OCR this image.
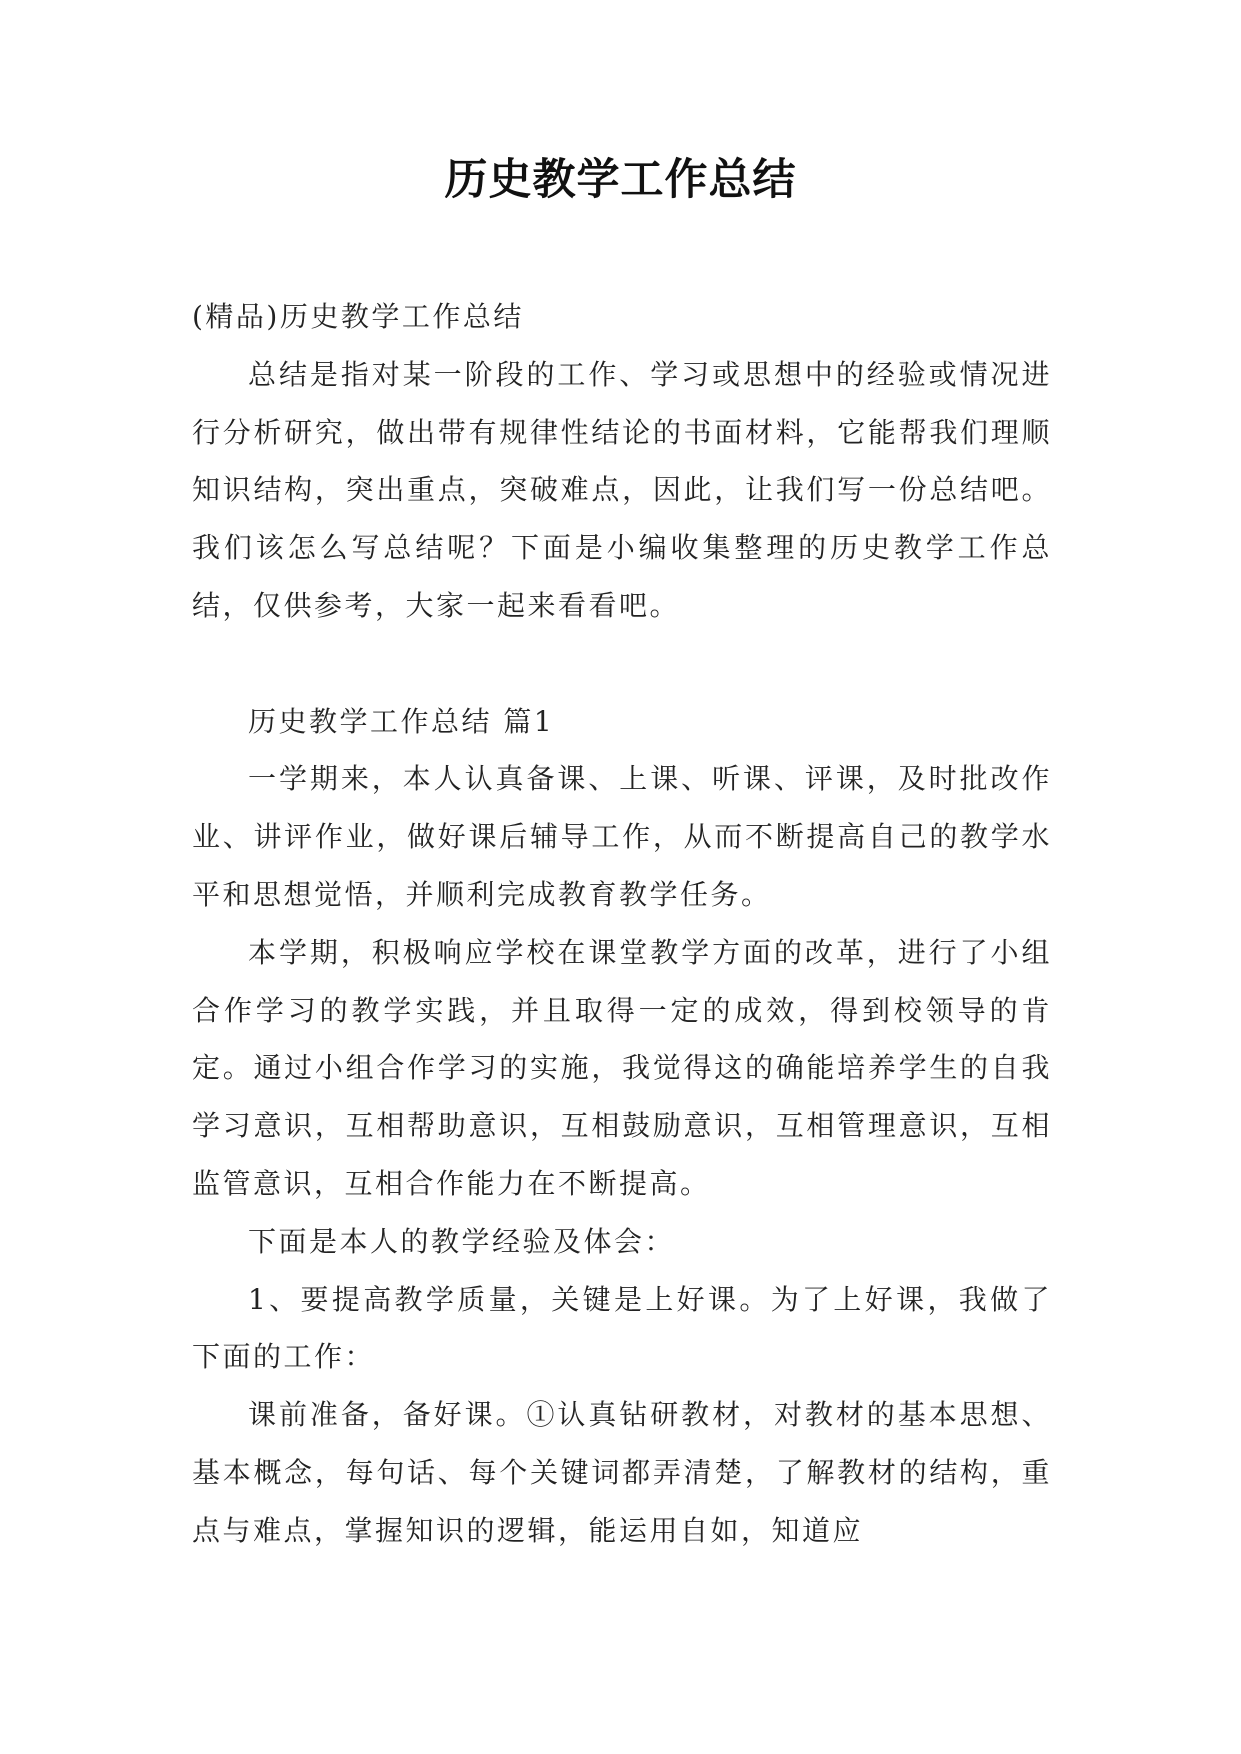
历史教学工作总结

(精品)历史教学工作总结

总结是指对某一阶段的工作、学习或思想中的经验或情况进行分析研究，做出带有规律性结论的书面材料，它能帮我们理顺知识结构，突出重点，突破难点，因此，让我们写一份总结吧。我们该怎么写总结呢？下面是小编收集整理的历史教学工作总结，仅供参考，大家一起来看看吧。

历史教学工作总结 篇1

一学期来，本人认真备课、上课、听课、评课，及时批改作业、讲评作业，做好课后辅导工作，从而不断提高自己的教学水平和思想觉悟，并顺利完成教育教学任务。

本学期，积极响应学校在课堂教学方面的改革，进行了小组合作学习的教学实践，并且取得一定的成效，得到校领导的肯定。通过小组合作学习的实施，我觉得这的确能培养学生的自我学习意识，互相帮助意识，互相鼓励意识，互相管理意识，互相监管意识，互相合作能力在不断提高。

下面是本人的教学经验及体会：

1、要提高教学质量，关键是上好课。为了上好课，我做了下面的工作：

课前准备，备好课。①认真钻研教材，对教材的基本思想、基本概念，每句话、每个关键词都弄清楚，了解教材的结构，重点与难点，掌握知识的逻辑，能运用自如，知道应
